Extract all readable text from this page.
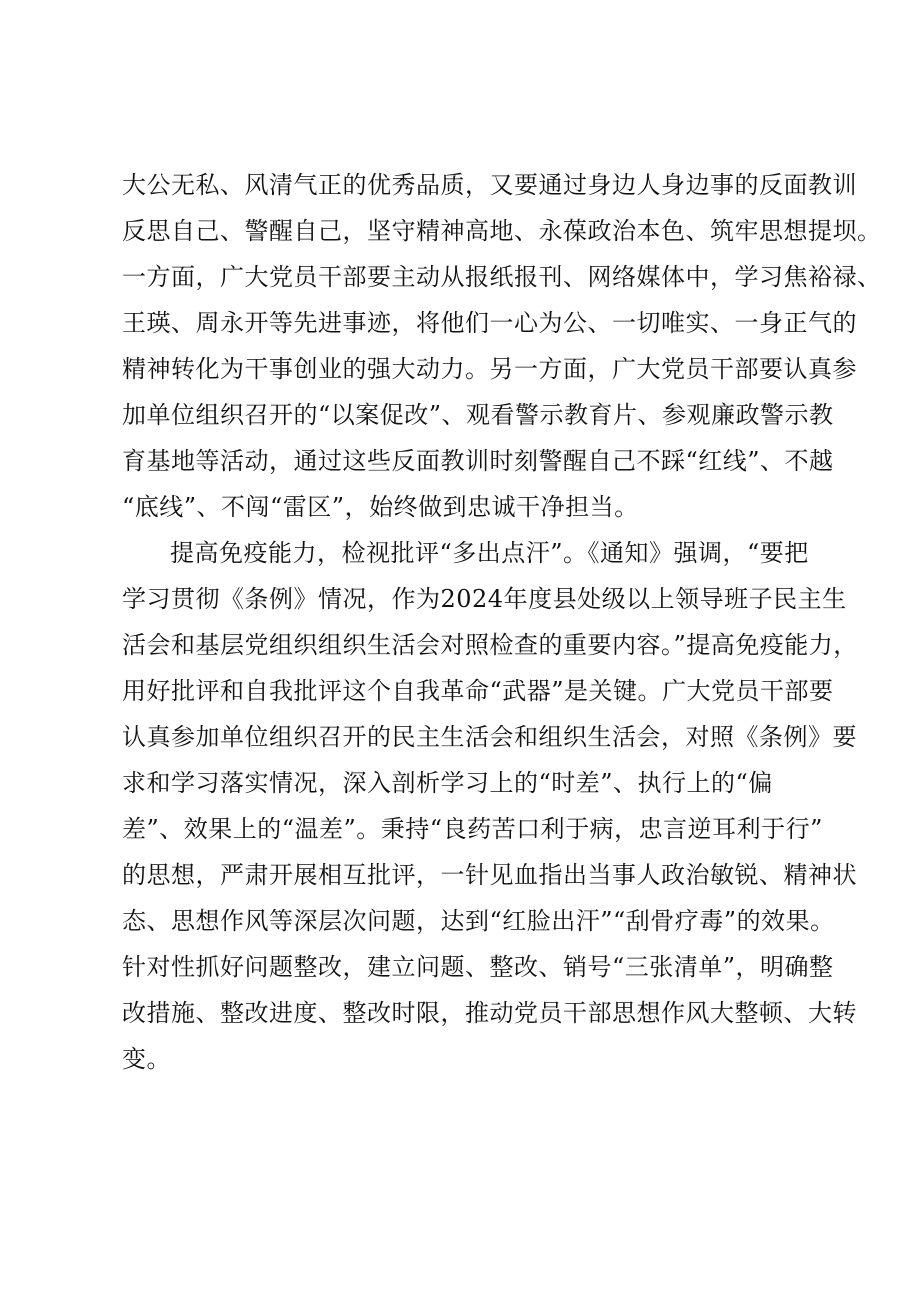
大公无私、风清气正的优秀品质，又要通过身边人身边事的反面教训
反思自己、警醒自己，坚守精神高地、永葆政治本色、筑牢思想提坝。
一方面，广大党员干部要主动从报纸报刊、网络媒体中，学习焦裕禄、
王瑛、周永开等先进事迹，将他们一心为公、一切唯实、一身正气的
精神转化为干事创业的强大动力。另一方面，广大党员干部要认真参
加单位组织召开的“以案促改”、观看警示教育片、参观廉政警示教
育基地等活动，通过这些反面教训时刻警醒自己不踩“红线”、不越
“底线”、不闯“雷区”，始终做到忠诚干净担当。
提高免疫能力，检视批评“多出点汗”。《通知》强调，“要把
学习贯彻《条例》情况，作为2024年度县处级以上领导班子民主生
活会和基层党组织组织生活会对照检查的重要内容。”提高免疫能力，
用好批评和自我批评这个自我革命“武器”是关键。广大党员干部要
认真参加单位组织召开的民主生活会和组织生活会，对照《条例》要
求和学习落实情况，深入剖析学习上的“时差”、执行上的“偏
差”、效果上的“温差”。秉持“良药苦口利于病，忠言逆耳利于行”
的思想，严肃开展相互批评，一针见血指出当事人政治敏锐、精神状
态、思想作风等深层次问题，达到“红脸出汗”“刮骨疗毒”的效果。
针对性抓好问题整改，建立问题、整改、销号“三张清单”，明确整
改措施、整改进度、整改时限，推动党员干部思想作风大整顿、大转
变。
